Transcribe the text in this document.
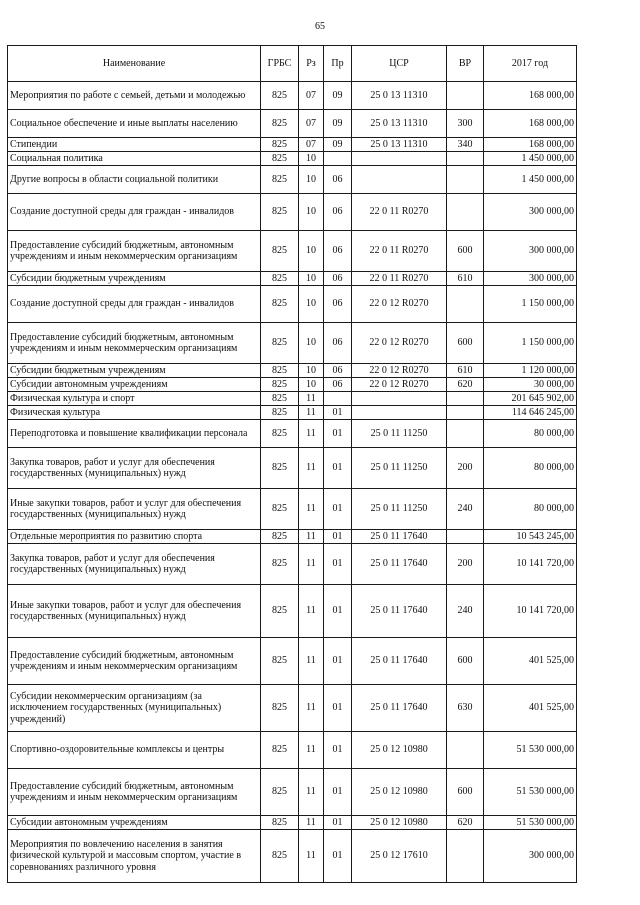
65
Наименование	ГРБС	Рз	Пр	ЦСР	ВР	2017 год
Мероприятия по работе с семьей, детьми и молодежью	825	07	09	25 0 13 11310		168 000,00
Социальное обеспечение и иные выплаты населению	825	07	09	25 0 13 11310	300	168 000,00
Стипендии	825	07	09	25 0 13 11310	340	168 000,00
Социальная политика	825	10				1 450 000,00
Другие вопросы в области социальной политики	825	10	06			1 450 000,00
Создание доступной среды для граждан - инвалидов	825	10	06	22 0 11 R0270		300 000,00
Предоставление субсидий бюджетным, автономным учреждениям и иным некоммерческим организациям	825	10	06	22 0 11 R0270	600	300 000,00
Субсидии бюджетным учреждениям	825	10	06	22 0 11 R0270	610	300 000,00
Создание доступной среды для граждан - инвалидов	825	10	06	22 0 12 R0270		1 150 000,00
Предоставление субсидий бюджетным, автономным учреждениям и иным некоммерческим организациям	825	10	06	22 0 12 R0270	600	1 150 000,00
Субсидии бюджетным учреждениям	825	10	06	22 0 12 R0270	610	1 120 000,00
Субсидии автономным учреждениям	825	10	06	22 0 12 R0270	620	30 000,00
Физическая культура и спорт	825	11				201 645 902,00
Физическая культура	825	11	01			114 646 245,00
Переподготовка и повышение квалификации персонала	825	11	01	25 0 11 11250		80 000,00
Закупка товаров, работ и услуг для обеспечения государственных (муниципальных) нужд	825	11	01	25 0 11 11250	200	80 000,00
Иные закупки товаров, работ и услуг для обеспечения государственных (муниципальных) нужд	825	11	01	25 0 11 11250	240	80 000,00
Отдельные мероприятия по развитию спорта	825	11	01	25 0 11 17640		10 543 245,00
Закупка товаров, работ и услуг для обеспечения государственных (муниципальных) нужд	825	11	01	25 0 11 17640	200	10 141 720,00
Иные закупки товаров, работ и услуг для обеспечения государственных (муниципальных) нужд	825	11	01	25 0 11 17640	240	10 141 720,00
Предоставление субсидий бюджетным, автономным учреждениям и иным некоммерческим организациям	825	11	01	25 0 11 17640	600	401 525,00
Субсидии некоммерческим организациям (за исключением государственных (муниципальных) учреждений)	825	11	01	25 0 11 17640	630	401 525,00
Спортивно-оздоровительные комплексы и центры	825	11	01	25 0 12 10980		51 530 000,00
Предоставление субсидий бюджетным, автономным учреждениям и иным некоммерческим организациям	825	11	01	25 0 12 10980	600	51 530 000,00
Субсидии автономным учреждениям	825	11	01	25 0 12 10980	620	51 530 000,00
Мероприятия по вовлечению населения в занятия физической культурой и массовым спортом, участие в соревнованиях различного уровня	825	11	01	25 0 12 17610		300 000,00
